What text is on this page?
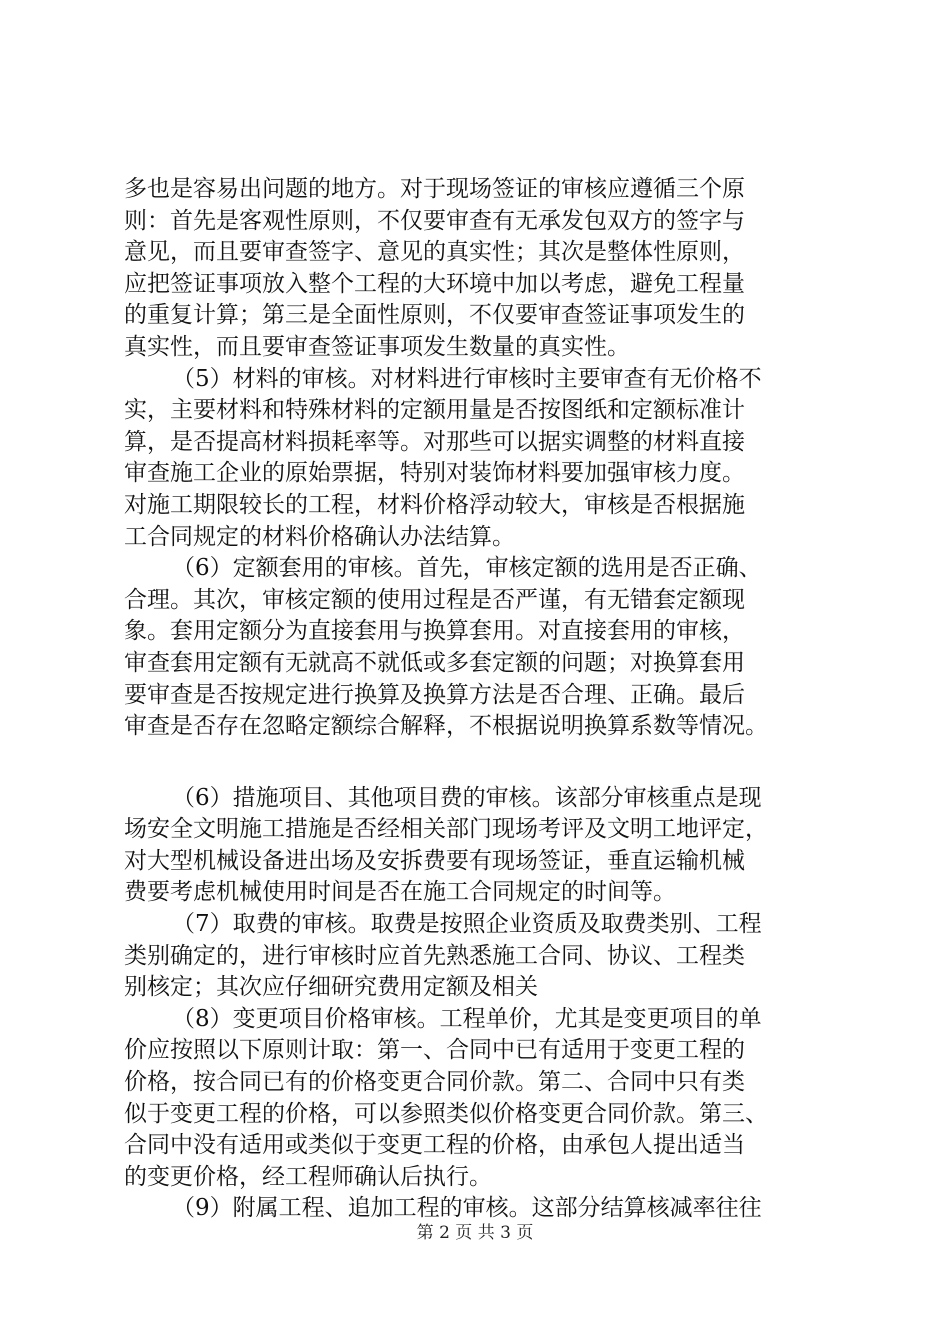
多也是容易出问题的地方。对于现场签证的审核应遵循三个原
则：首先是客观性原则，不仅要审查有无承发包双方的签字与
意见，而且要审查签字、意见的真实性；其次是整体性原则，
应把签证事项放入整个工程的大环境中加以考虑，避免工程量
的重复计算；第三是全面性原则，不仅要审查签证事项发生的
真实性，而且要审查签证事项发生数量的真实性。
（5）材料的审核。对材料进行审核时主要审查有无价格不
实，主要材料和特殊材料的定额用量是否按图纸和定额标准计
算，是否提高材料损耗率等。对那些可以据实调整的材料直接
审查施工企业的原始票据，特别对装饰材料要加强审核力度。
对施工期限较长的工程，材料价格浮动较大，审核是否根据施
工合同规定的材料价格确认办法结算。
（6）定额套用的审核。首先，审核定额的选用是否正确、
合理。其次，审核定额的使用过程是否严谨，有无错套定额现
象。套用定额分为直接套用与换算套用。对直接套用的审核，
审查套用定额有无就高不就低或多套定额的问题；对换算套用
要审查是否按规定进行换算及换算方法是否合理、正确。最后
审查是否存在忽略定额综合解释，不根据说明换算系数等情况。
（6）措施项目、其他项目费的审核。该部分审核重点是现
场安全文明施工措施是否经相关部门现场考评及文明工地评定，
对大型机械设备进出场及安拆费要有现场签证，垂直运输机械
费要考虑机械使用时间是否在施工合同规定的时间等。
（7）取费的审核。取费是按照企业资质及取费类别、工程
类别确定的，进行审核时应首先熟悉施工合同、协议、工程类
别核定；其次应仔细研究费用定额及相关
（8）变更项目价格审核。工程单价，尤其是变更项目的单
价应按照以下原则计取：第一、合同中已有适用于变更工程的
价格，按合同已有的价格变更合同价款。第二、合同中只有类
似于变更工程的价格，可以参照类似价格变更合同价款。第三、
合同中没有适用或类似于变更工程的价格，由承包人提出适当
的变更价格，经工程师确认后执行。
（9）附属工程、追加工程的审核。这部分结算核减率往往
第 2 页 共 3 页
